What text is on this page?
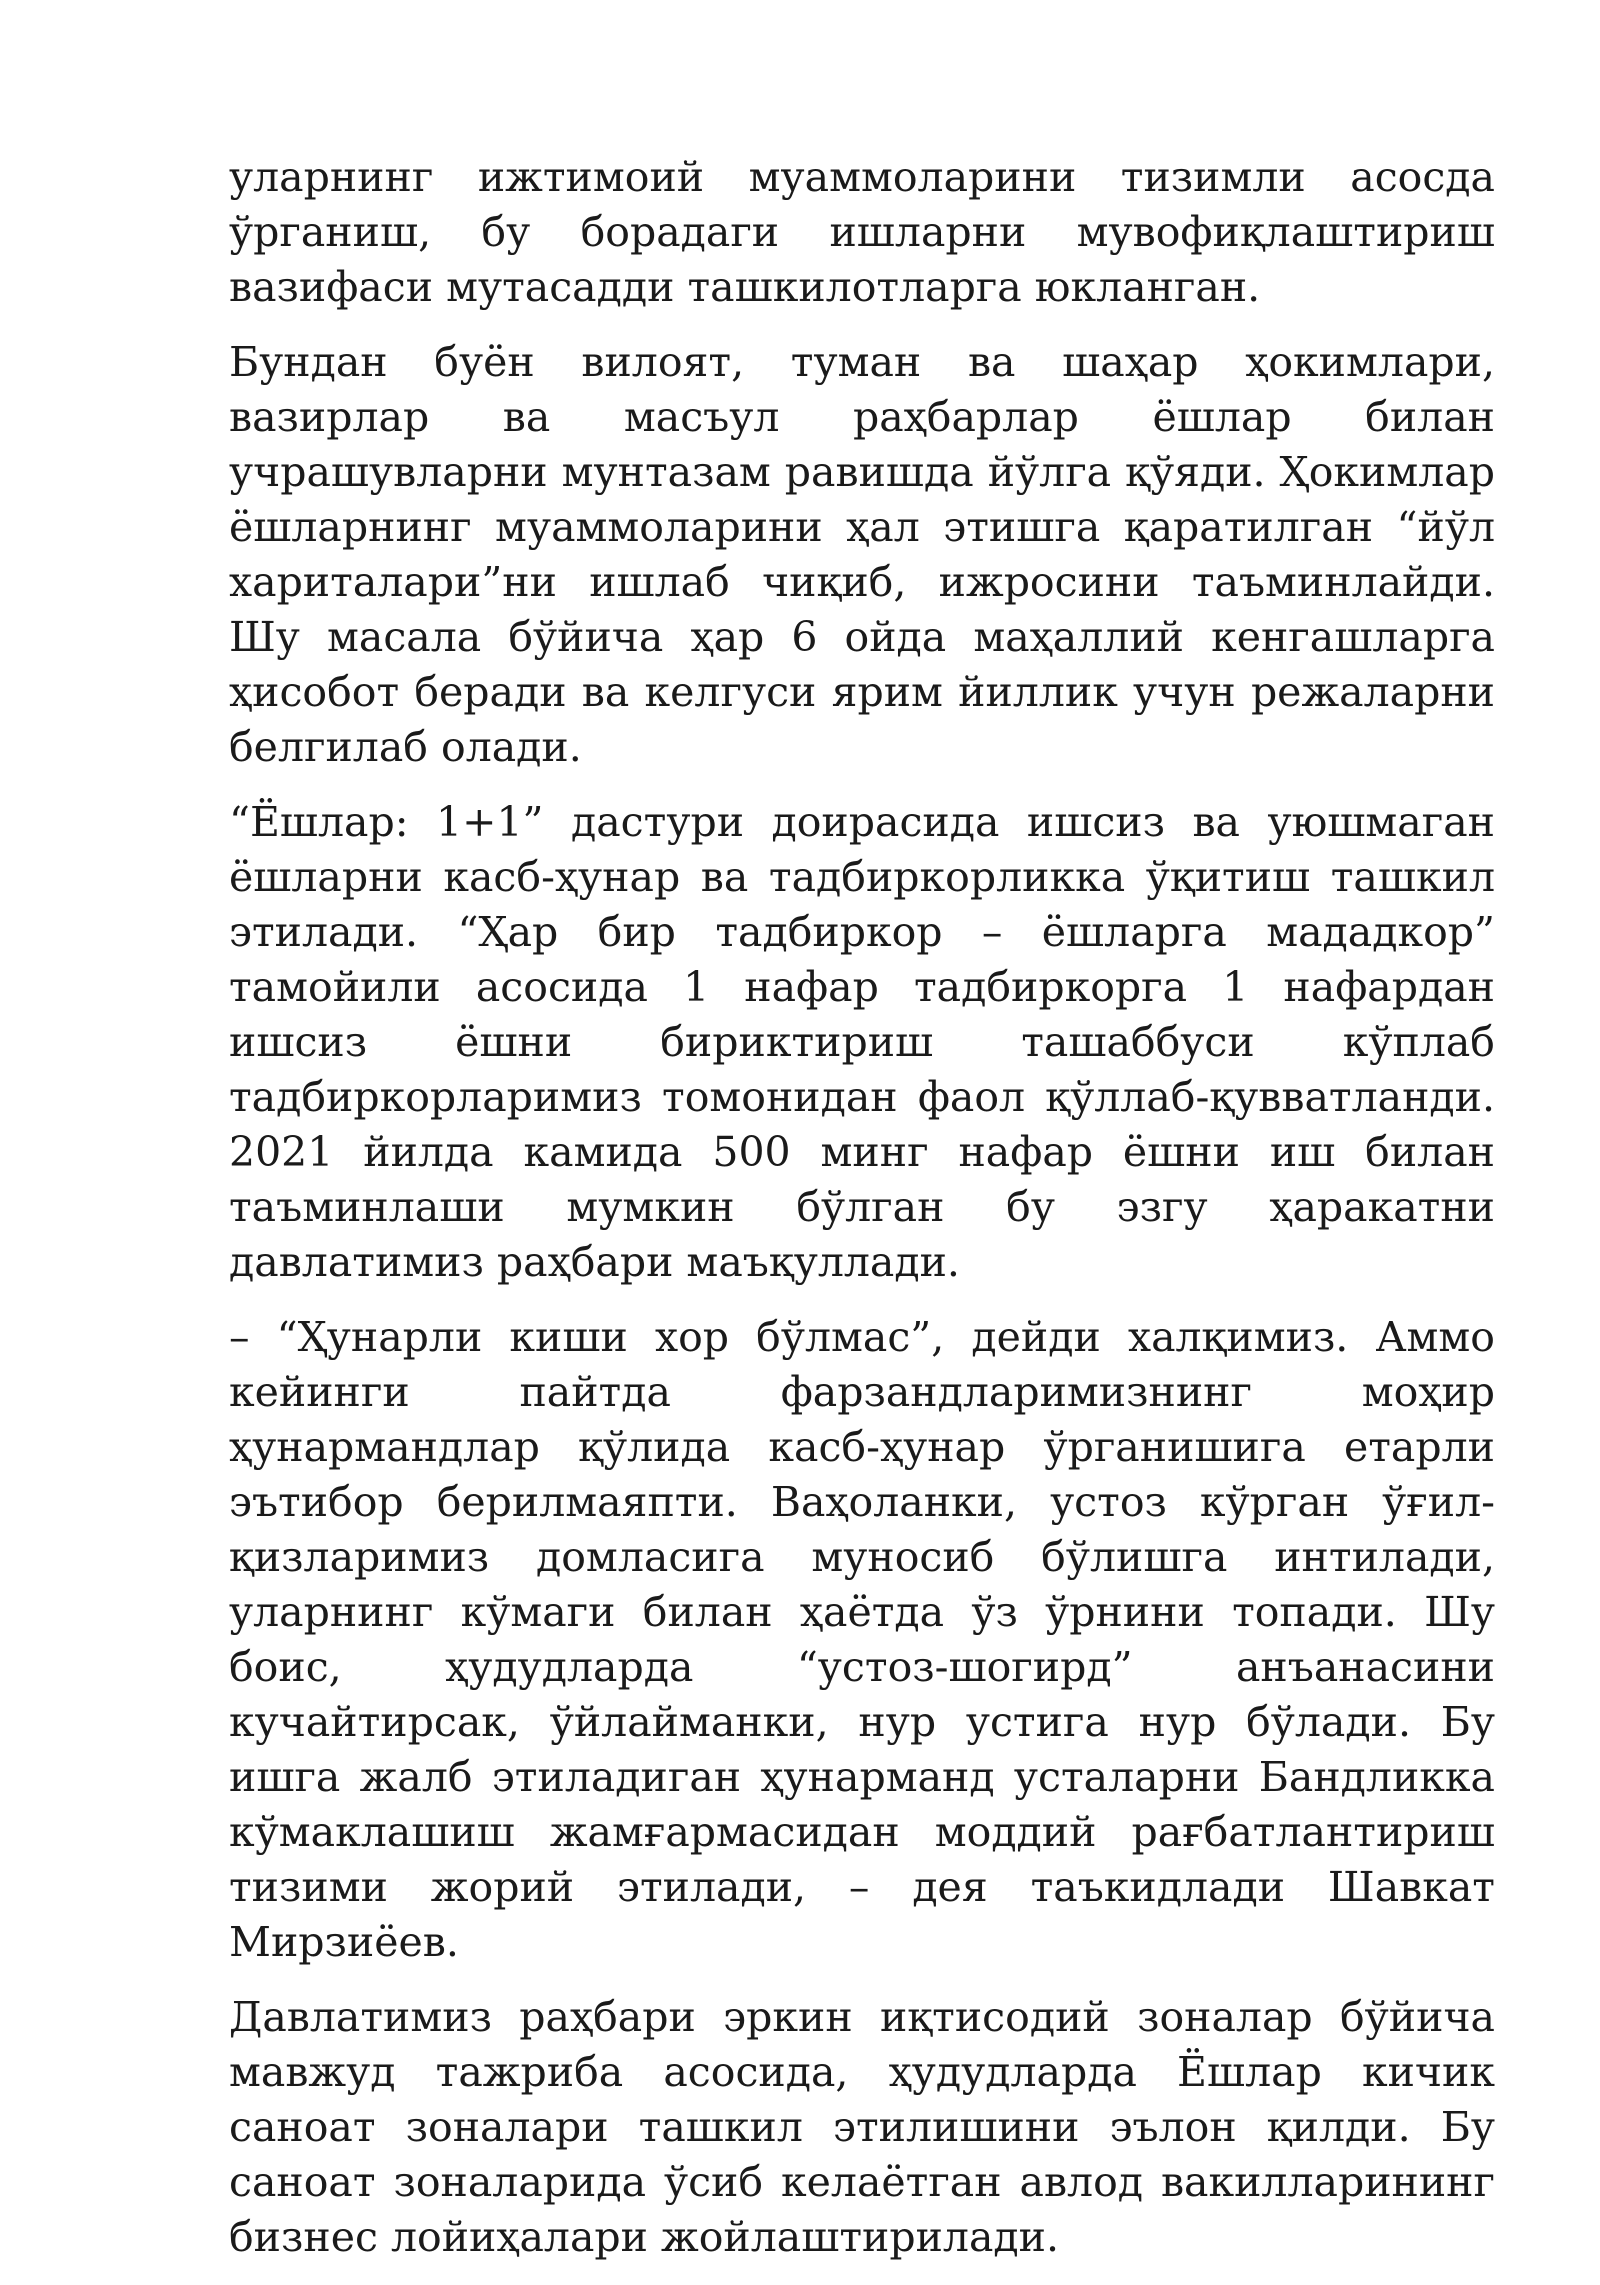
уларнинг ижтимоий муаммоларини тизимли асосда ўрганиш, бу борадаги ишларни мувофиқлаштириш вазифаси мутасадди ташкилотларга юкланган.

Бундан буён вилоят, туман ва шаҳар ҳокимлари, вазирлар ва масъул раҳбарлар ёшлар билан учрашувларни мунтазам равишда йўлга қўяди. Ҳокимлар ёшларнинг муаммоларини ҳал этишга қаратилган “йўл хариталари”ни ишлаб чиқиб, ижросини таъминлайди. Шу масала бўйича ҳар 6 ойда маҳаллий кенгашларга ҳисобот беради ва келгуси ярим йиллик учун режаларни белгилаб олади.

“Ёшлар: 1+1” дастури доирасида ишсиз ва уюшмаган ёшларни касб-ҳунар ва тадбиркорликка ўқитиш ташкил этилади. “Ҳар бир тадбиркор – ёшларга мададкор” тамойили асосида 1 нафар тадбиркорга 1 нафардан ишсиз ёшни бириктириш ташаббуси кўплаб тадбиркорларимиз томонидан фаол қўллаб-қувватланди. 2021 йилда камида 500 минг нафар ёшни иш билан таъминлаши мумкин бўлган бу эзгу ҳаракатни давлатимиз раҳбари маъқуллади.

– “Ҳунарли киши хор бўлмас”, дейди халқимиз. Аммо кейинги пайтда фарзандларимизнинг моҳир ҳунармандлар қўлида касб-ҳунар ўрганишига етарли эътибор берилмаяпти. Ваҳоланки, устоз кўрган ўғил-қизларимиз домласига муносиб бўлишга интилади, уларнинг кўмаги билан ҳаётда ўз ўрнини топади. Шу боис, ҳудудларда “устоз-шогирд” анъанасини кучайтирсак, ўйлайманки, нур устига нур бўлади. Бу ишга жалб этиладиган ҳунарманд усталарни Бандликка кўмаклашиш жамғармасидан моддий рағбатлантириш тизими жорий этилади, – дея таъкидлади Шавкат Мирзиёев.

Давлатимиз раҳбари эркин иқтисодий зоналар бўйича мавжуд тажриба асосида, ҳудудларда Ёшлар кичик саноат зоналари ташкил этилишини эълон қилди. Бу саноат зоналарида ўсиб келаётган авлод вакилларининг бизнес лойиҳалари жойлаштирилади.
